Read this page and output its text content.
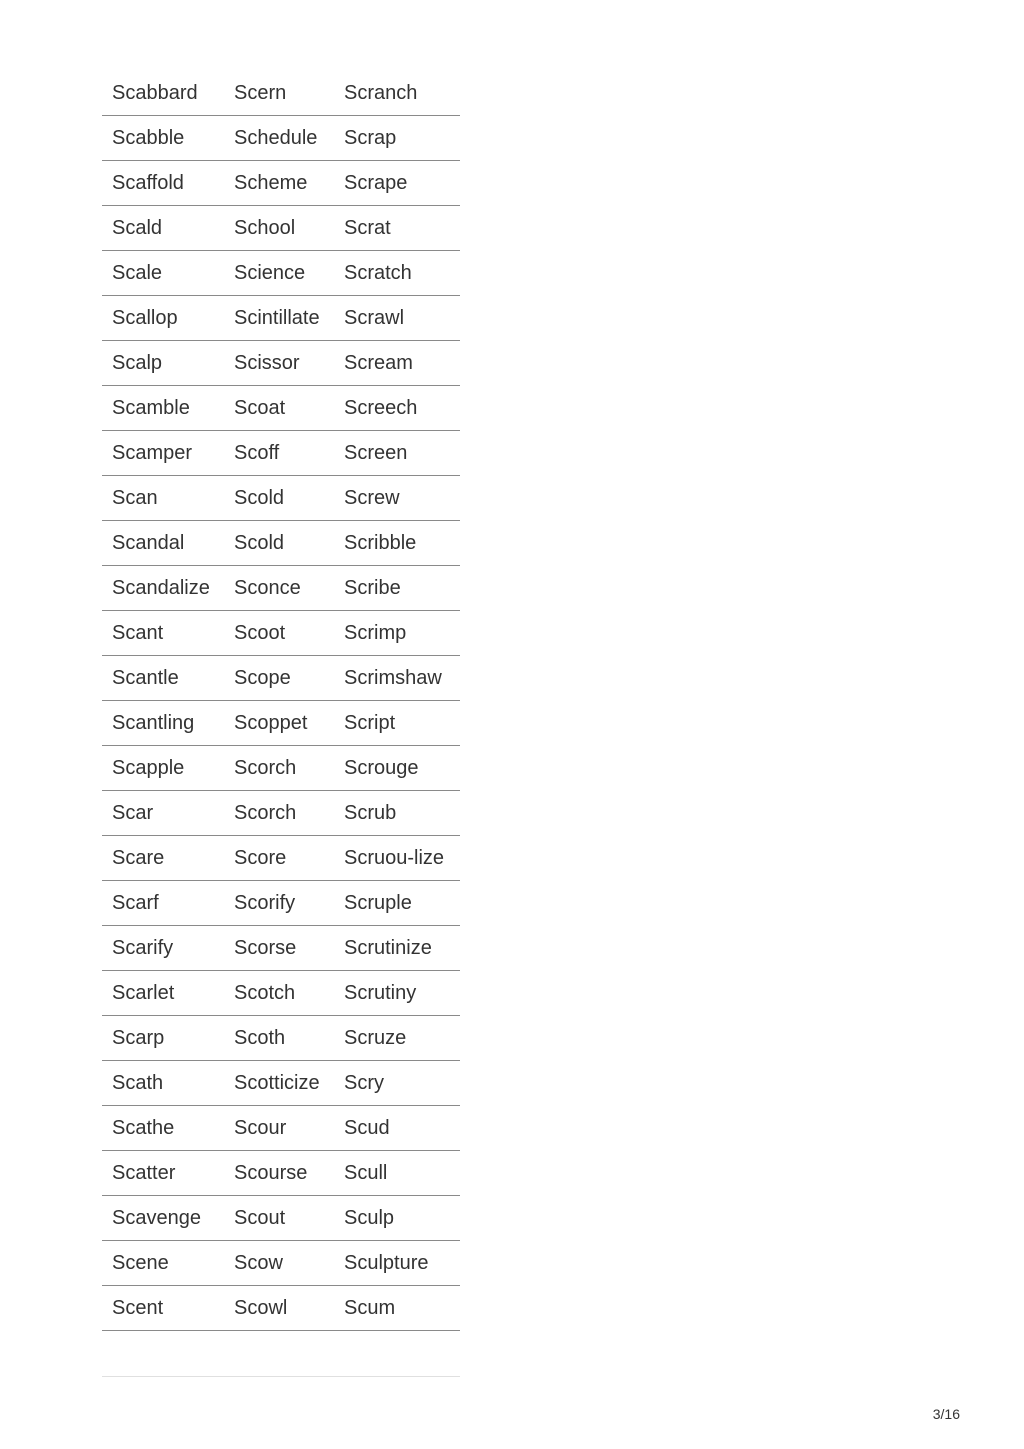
Scabbard	Scern	Scranch
Scabble	Schedule	Scrap
Scaffold	Scheme	Scrape
Scald	School	Scrat
Scale	Science	Scratch
Scallop	Scintillate	Scrawl
Scalp	Scissor	Scream
Scamble	Scoat	Screech
Scamper	Scoff	Screen
Scan	Scold	Screw
Scandal	Scold	Scribble
Scandalize	Sconce	Scribe
Scant	Scoot	Scrimp
Scantle	Scope	Scrimshaw
Scantling	Scoppet	Script
Scapple	Scorch	Scrouge
Scar	Scorch	Scrub
Scare	Score	Scruou-lize
Scarf	Scorify	Scruple
Scarify	Scorse	Scrutinize
Scarlet	Scotch	Scrutiny
Scarp	Scoth	Scruze
Scath	Scotticize	Scry
Scathe	Scour	Scud
Scatter	Scourse	Scull
Scavenge	Scout	Sculp
Scene	Scow	Sculpture
Scent	Scowl	Scum
3/16
